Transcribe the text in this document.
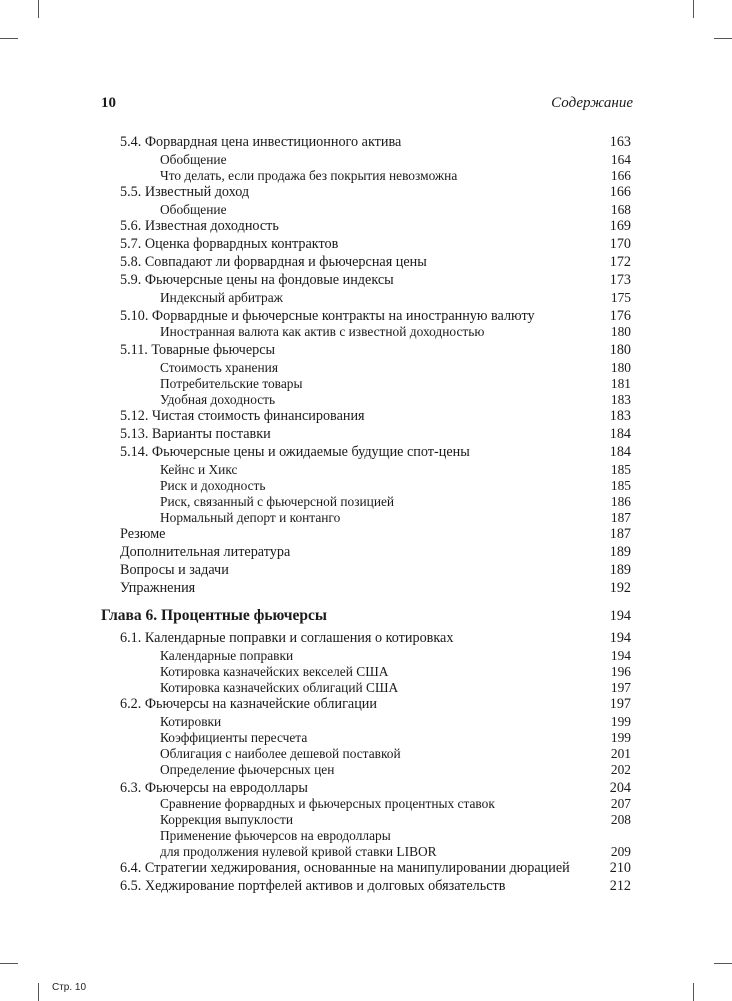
10	Содержание
5.4. Форвардная цена инвестиционного актива	163
Обобщение	164
Что делать, если продажа без покрытия невозможна	166
5.5. Известный доход	166
Обобщение	168
5.6. Известная доходность	169
5.7. Оценка форвардных контрактов	170
5.8. Совпадают ли форвардная и фьючерсная цены	172
5.9. Фьючерсные цены на фондовые индексы	173
Индексный арбитраж	175
5.10. Форвардные и фьючерсные контракты на иностранную валюту	176
Иностранная валюта как актив с известной доходностью	180
5.11. Товарные фьючерсы	180
Стоимость хранения	180
Потребительские товары	181
Удобная доходность	183
5.12. Чистая стоимость финансирования	183
5.13. Варианты поставки	184
5.14. Фьючерсные цены и ожидаемые будущие спот-цены	184
Кейнс и Хикс	185
Риск и доходность	185
Риск, связанный с фьючерсной позицией	186
Нормальный депорт и контанго	187
Резюме	187
Дополнительная литература	189
Вопросы и задачи	189
Упражнения	192
Глава 6. Процентные фьючерсы	194
6.1. Календарные поправки и соглашения о котировках	194
Календарные поправки	194
Котировка казначейских векселей США	196
Котировка казначейских облигаций США	197
6.2. Фьючерсы на казначейские облигации	197
Котировки	199
Коэффициенты пересчета	199
Облигация с наиболее дешевой поставкой	201
Определение фьючерсных цен	202
6.3. Фьючерсы на евродоллары	204
Сравнение форвардных и фьючерсных процентных ставок	207
Коррекция выпуклости	208
Применение фьючерсов на евродоллары
для продолжения нулевой кривой ставки LIBOR	209
6.4. Стратегии хеджирования, основанные на манипулировании дюрацией	210
6.5. Хеджирование портфелей активов и долговых обязательств	212
Стр. 10
